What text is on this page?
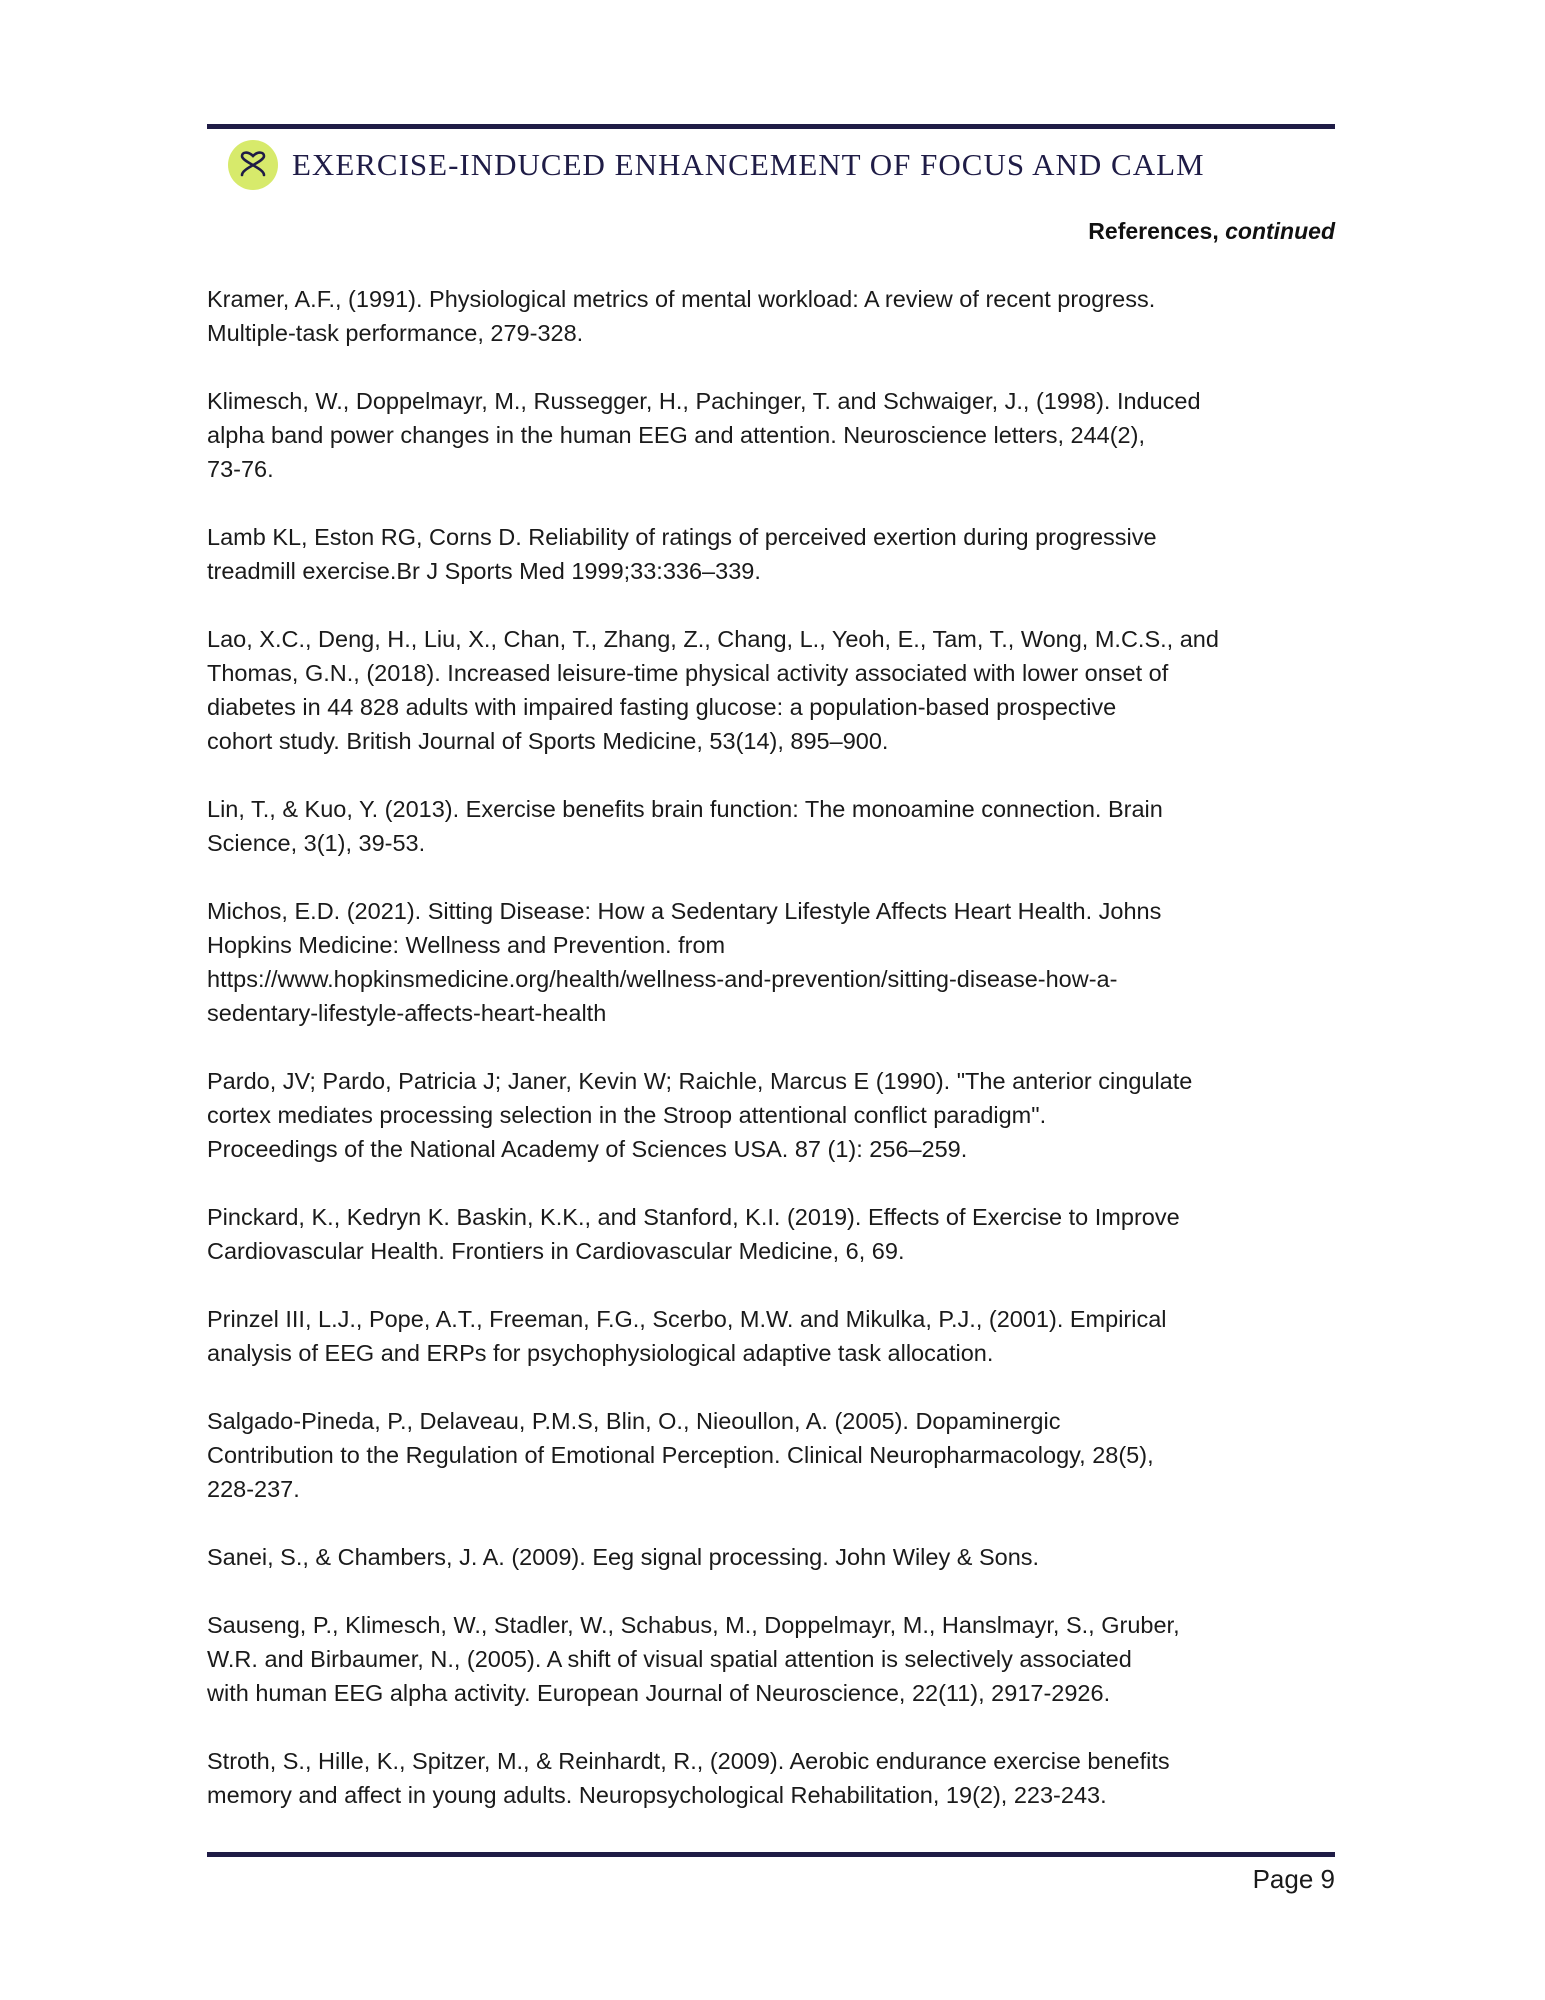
EXERCISE-INDUCED ENHANCEMENT OF FOCUS AND CALM
References, continued
Kramer, A.F., (1991). Physiological metrics of mental workload: A review of recent progress.
Multiple-task performance, 279-328.
Klimesch, W., Doppelmayr, M., Russegger, H., Pachinger, T. and Schwaiger, J., (1998). Induced
alpha band power changes in the human EEG and attention. Neuroscience letters, 244(2),
73-76.
Lamb KL, Eston RG, Corns D. Reliability of ratings of perceived exertion during progressive
treadmill exercise.Br J Sports Med 1999;33:336–339.
Lao, X.C., Deng, H., Liu, X., Chan, T., Zhang, Z., Chang, L., Yeoh, E., Tam, T., Wong, M.C.S., and
Thomas, G.N., (2018). Increased leisure-time physical activity associated with lower onset of
diabetes in 44 828 adults with impaired fasting glucose: a population-based prospective
cohort study. British Journal of Sports Medicine, 53(14), 895–900.
Lin, T., & Kuo, Y. (2013). Exercise benefits brain function: The monoamine connection. Brain
Science, 3(1), 39-53.
Michos, E.D. (2021). Sitting Disease: How a Sedentary Lifestyle Affects Heart Health. Johns
Hopkins Medicine: Wellness and Prevention. from
https://www.hopkinsmedicine.org/health/wellness-and-prevention/sitting-disease-how-a-
sedentary-lifestyle-affects-heart-health
Pardo, JV; Pardo, Patricia J; Janer, Kevin W; Raichle, Marcus E (1990). "The anterior cingulate
cortex mediates processing selection in the Stroop attentional conflict paradigm".
Proceedings of the National Academy of Sciences USA. 87 (1): 256–259.
Pinckard, K., Kedryn K. Baskin, K.K., and Stanford, K.I. (2019). Effects of Exercise to Improve
Cardiovascular Health. Frontiers in Cardiovascular Medicine, 6, 69.
Prinzel III, L.J., Pope, A.T., Freeman, F.G., Scerbo, M.W. and Mikulka, P.J., (2001). Empirical
analysis of EEG and ERPs for psychophysiological adaptive task allocation.
Salgado-Pineda, P., Delaveau, P.M.S, Blin, O., Nieoullon, A. (2005). Dopaminergic
Contribution to the Regulation of Emotional Perception. Clinical Neuropharmacology, 28(5),
228-237.
Sanei, S., & Chambers, J. A. (2009). Eeg signal processing. John Wiley & Sons.
Sauseng, P., Klimesch, W., Stadler, W., Schabus, M., Doppelmayr, M., Hanslmayr, S., Gruber,
W.R. and Birbaumer, N., (2005). A shift of visual spatial attention is selectively associated
with human EEG alpha activity. European Journal of Neuroscience, 22(11), 2917-2926.
Stroth, S., Hille, K., Spitzer, M., & Reinhardt, R., (2009). Aerobic endurance exercise benefits
memory and affect in young adults. Neuropsychological Rehabilitation, 19(2), 223-243.
Page 9
